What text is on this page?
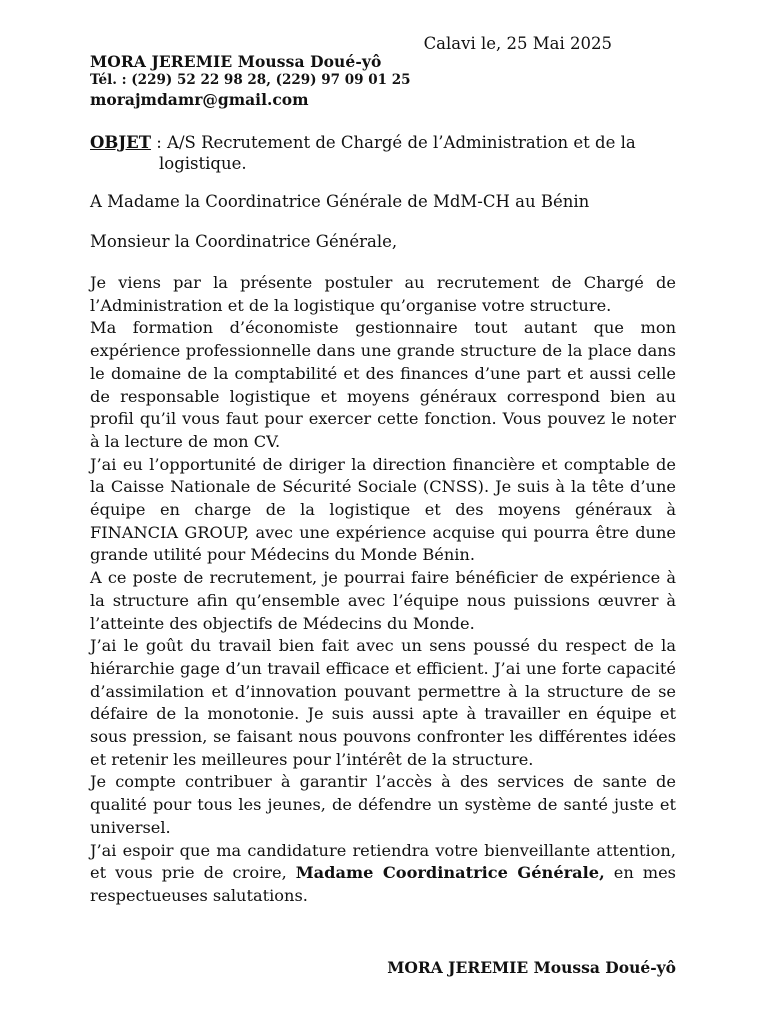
Calavi le, 25 Mai 2025
MORA JEREMIE Moussa Doué-yô
Tél. : (229) 52 22 98 28, (229) 97 09 01 25
morajmdamr@gmail.com
OBJET : A/S Recrutement de Chargé de l’Administration et de la
logistique.
A Madame la Coordinatrice Générale de MdM-CH au Bénin
Monsieur la Coordinatrice Générale,

Je viens par la présente postuler au recrutement de Chargé de l’Administration et de la logistique qu’organise votre structure.

Ma formation d’économiste gestionnaire tout autant que mon expérience professionnelle dans une grande structure de la place dans le domaine de la comptabilité et des finances d’une part et aussi celle de responsable logistique et moyens généraux correspond bien au profil qu’il vous faut pour exercer cette fonction. Vous pouvez le noter à la lecture de mon CV.

J’ai eu l’opportunité de diriger la direction financière et comptable de la Caisse Nationale de Sécurité Sociale (CNSS). Je suis à la tête d’une équipe en charge de la logistique et des moyens généraux à FINANCIA GROUP, avec une expérience acquise qui pourra être dune grande utilité pour Médecins du Monde Bénin.

A ce poste de recrutement, je pourrai faire bénéficier de expérience à la structure afin qu’ensemble avec l’équipe nous puissions œuvrer à l’atteinte des objectifs de Médecins du Monde.

J’ai le goût du travail bien fait avec un sens poussé du respect de la hiérarchie gage d’un travail efficace et efficient. J’ai une forte capacité d’assimilation et d’innovation pouvant permettre à la structure de se défaire de la monotonie. Je suis aussi apte à travailler en équipe et sous pression, se faisant nous pouvons confronter les différentes idées et retenir les meilleures pour l’intérêt de la structure.

Je compte contribuer à garantir l’accès à des services de sante de qualité pour tous les jeunes, de défendre un système de santé juste et universel.

J’ai espoir que ma candidature retiendra votre bienveillante attention, et vous prie de croire, Madame Coordinatrice Générale, en mes respectueuses salutations.

MORA JEREMIE Moussa Doué-yô
